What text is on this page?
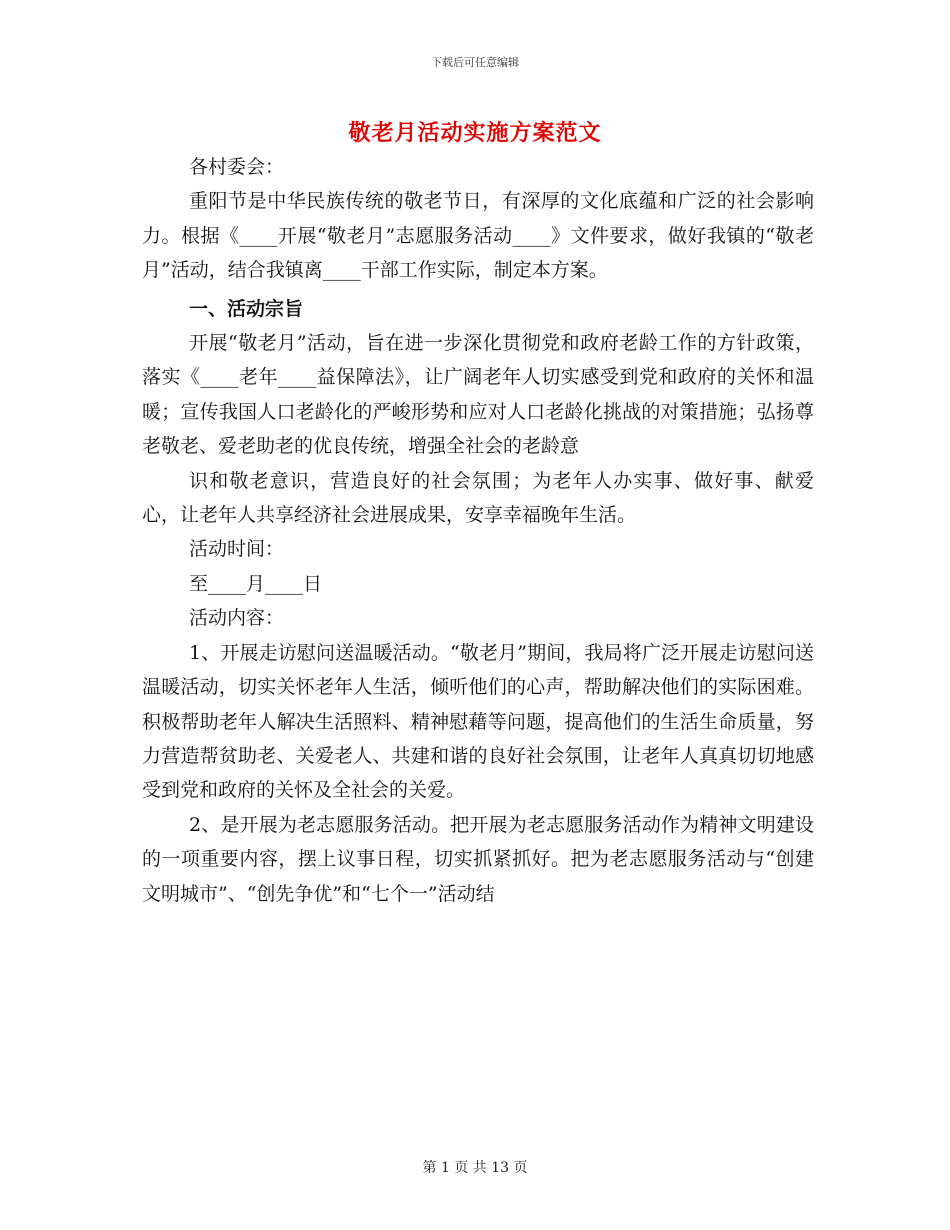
下载后可任意编辑
敬老月活动实施方案范文

各村委会：

重阳节是中华民族传统的敬老节日，有深厚的文化底蕴和广泛的社会影响力。根据《____开展“敬老月”志愿服务活动____》文件要求，做好我镇的“敬老月”活动，结合我镇离____干部工作实际，制定本方案。

一、活动宗旨

开展“敬老月”活动，旨在进一步深化贯彻党和政府老龄工作的方针政策，落实《____老年____益保障法》，让广阔老年人切实感受到党和政府的关怀和温暖；宣传我国人口老龄化的严峻形势和应对人口老龄化挑战的对策措施；弘扬尊老敬老、爱老助老的优良传统，增强全社会的老龄意

识和敬老意识，营造良好的社会氛围；为老年人办实事、做好事、献爱心，让老年人共享经济社会进展成果，安享幸福晚年生活。

活动时间：

至____月____日

活动内容：

1、开展走访慰问送温暖活动。“敬老月”期间，我局将广泛开展走访慰问送温暖活动，切实关怀老年人生活，倾听他们的心声，帮助解决他们的实际困难。积极帮助老年人解决生活照料、精神慰藉等问题，提高他们的生活生命质量，努力营造帮贫助老、关爱老人、共建和谐的良好社会氛围，让老年人真真切切地感受到党和政府的关怀及全社会的关爱。

2、是开展为老志愿服务活动。把开展为老志愿服务活动作为精神文明建设的一项重要内容，摆上议事日程，切实抓紧抓好。把为老志愿服务活动与“创建文明城市”、“创先争优”和“七个一”活动结

第 1 页 共 13 页
